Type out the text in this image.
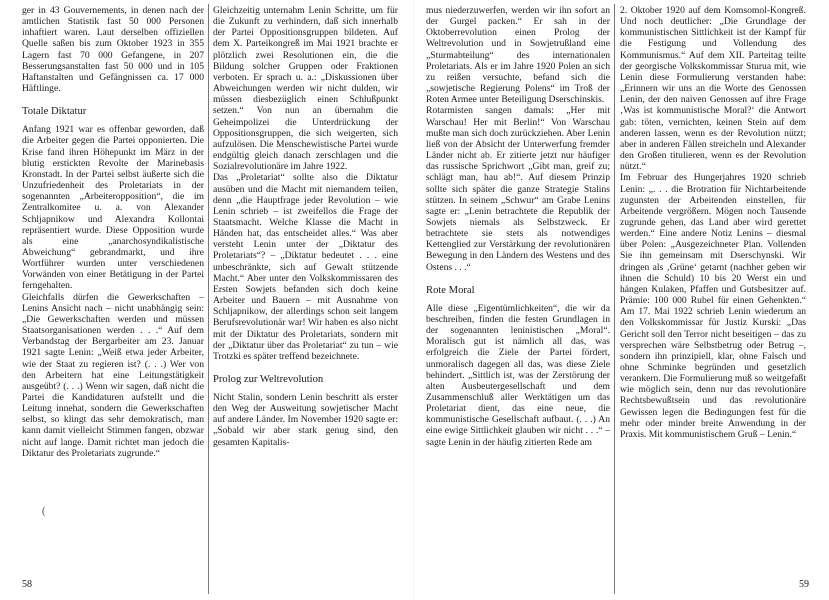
ger in 43 Gouvernements, in denen nach der amtlichen Statistik fast 50 000 Personen inhaftiert waren. Laut derselben offiziellen Quelle saßen bis zum Oktober 1923 in 355 Lagern fast 70 000 Gefangene, in 207 Besserungsanstalten fast 50 000 und in 105 Haftanstalten und Gefängnissen ca. 17 000 Häftlinge.

Totale Diktatur

Anfang 1921 war es offenbar geworden, daß die Arbeiter gegen die Partei opponierten. Die Krise fand ihren Höhepunkt im März in der blutig erstickten Revolte der Marinebasis Kronstadt. In der Partei selbst äußerte sich die Unzufriedenheit des Proletariats in der sogenannten „Arbeiteropposition“, die im Zentralkomitee u. a. von Alexander Schljapnikow und Alexandra Kollontai repräsentiert wurde. Diese Opposition wurde als eine „anarchosyndikalistische Abweichung“ gebrandmarkt, und ihre Wortführer wurden unter verschiedenen Vorwänden von einer Betätigung in der Partei ferngehalten.

Gleichfalls dürfen die Gewerkschaften – Lenins Ansicht nach – nicht unabhängig sein: „Die Gewerkschaften werden und müssen Staatsorganisationen werden . . .“ Auf dem Verbandstag der Bergarbeiter am 23. Januar 1921 sagte Lenin: „Weiß etwa jeder Arbeiter, wie der Staat zu regieren ist? (. . .) Wer von den Arbeitern hat eine Leitungstätigkeit ausgeübt? (. . .) Wenn wir sagen, daß nicht die Partei die Kandidaturen aufstellt und die Leitung innehat, sondern die Gewerkschaften selbst, so klingt das sehr demokratisch, man kann damit vielleicht Stimmen fangen, obzwar nicht auf lange. Damit richtet man jedoch die Diktatur des Proletariats zugrunde.“

Gleichzeitig unternahm Lenin Schritte, um für die Zukunft zu verhindern, daß sich innerhalb der Partei Oppositionsgruppen bildeten. Auf dem X. Parteikongreß im Mai 1921 brachte er plötzlich zwei Resolutionen ein, die die Bildung solcher Gruppen oder Fraktionen verboten. Er sprach u. a.: „Diskussionen über Abweichungen werden wir nicht dulden, wir müssen diesbezüglich einen Schlußpunkt setzen.“ Von nun an übernahm die Geheimpolizei die Unterdrückung der Oppositionsgruppen, die sich weigerten, sich aufzulösen. Die Menschewistische Partei wurde endgültig gleich danach zerschlagen und die Sozialrevolutionäre im Jahre 1922.

Das „Proletariat“ sollte also die Diktatur ausüben und die Macht mit niemandem teilen, denn „die Hauptfrage jeder Revolution – wie Lenin schrieb – ist zweifellos die Frage der Staatsmacht. Welche Klasse die Macht in Händen hat, das entscheidet alles.“ Was aber versteht Lenin unter der „Diktatur des Proletariats“? – „Diktatur bedeutet . . . eine unbeschränkte, sich auf Gewalt stützende Macht.“ Aber unter den Volkskommissaren des Ersten Sowjets befanden sich doch keine Arbeiter und Bauern – mit Ausnahme von Schljapnikow, der allerdings schon seit langem Berufsrevolutionär war! Wir haben es also nicht mit der Diktatur des Proletariats, sondern mit der „Diktatur über das Proletariat“ zu tun – wie Trotzki es später treffend bezeichnete.

Prolog zur Weltrevolution

Nicht Stalin, sondern Lenin beschritt als erster den Weg der Ausweitung sowjetischer Macht auf andere Länder. Im November 1920 sagte er: „Sobald wir aber stark genug sind, den gesamten Kapitalis-

(
58

mus niederzuwerfen, werden wir ihn sofort an der Gurgel packen.“ Er sah in der Oktoberrevolution einen Prolog der Weltrevolution und in Sowjetrußland eine „Sturmabteilung“ des internationalen Proletariats. Als er im Jahre 1920 Polen an sich zu reißen versuchte, befand sich die „sowjetische Regierung Polens“ im Troß der Roten Armee unter Beteiligung Dserschinskis.

Rotarmisten sangen damals: „Her mit Warschau! Her mit Berlin!“ Von Warschau mußte man sich doch zurückziehen. Aber Lenin ließ von der Absicht der Unterwerfung fremder Länder nicht ab. Er zitierte jetzt nur häufiger das russische Sprichwort „Gibt man, greif zu; schlägt man, hau ab!“. Auf diesem Prinzip sollte sich später die ganze Strategie Stalins stützen. In seinem „Schwur“ am Grabe Lenins sagte er: „Lenin betrachtete die Republik der Sowjets niemals als Selbstzweck. Er betrachtete sie stets als notwendiges Kettenglied zur Verstärkung der revolutionären Bewegung in den Ländern des Westens und des Ostens . . .“

Rote Moral

Alle diese „Eigentümlichkeiten“, die wir da beschreiben, finden die festen Grundlagen in der sogenannten leninistischen „Moral“. Moralisch gut ist nämlich all das, was erfolgreich die Ziele der Partei fördert, unmoralisch dagegen all das, was diese Ziele behindert. „Sittlich ist, was der Zerstörung der alten Ausbeutergesellschaft und dem Zusammenschluß aller Werktätigen um das Proletariat dient, das eine neue, die kommunistische Gesellschaft aufbaut. (. . .) An eine ewige Sittlichkeit glauben wir nicht . . .“ – sagte Lenin in der häufig zitierten Rede am

2. Oktober 1920 auf dem Komsomol-Kongreß. Und noch deutlicher: „Die Grundlage der kommunistischen Sittlichkeit ist der Kampf für die Festigung und Vollendung des Kommunismus.“ Auf dem XII. Parteitag teilte der georgische Volkskommissar Sturua mit, wie Lenin diese Formulierung verstanden habe: „Erinnern wir uns an die Worte des Genossen Lenin, der den naiven Genossen auf ihre Frage ‚Was ist kommunistische Moral?‘ die Antwort gab: töten, vernichten, keinen Stein auf dem anderen lassen, wenn es der Revolution nützt; aber in anderen Fällen streicheln und Alexander den Großen titulieren, wenn es der Revolution nützt.“

Im Februar des Hungerjahres 1920 schrieb Lenin: „. . . die Brotration für Nichtarbeitende zugunsten der Arbeitenden einstellen, für Arbeitende vergrößern. Mögen noch Tausende zugrunde gehen, das Land aber wird gerettet werden.“ Eine andere Notiz Lenins – diesmal über Polen: „Ausgezeichneter Plan. Vollenden Sie ihn gemeinsam mit Dserschynski. Wir dringen als ‚Grüne‘ getarnt (nachher geben wir ihnen die Schuld) 10 bis 20 Werst ein und hängen Kulaken, Pfaffen und Gutsbesitzer auf. Prämie: 100 000 Rubel für einen Gehenkten.“ Am 17. Mai 1922 schrieb Lenin wiederum an den Volkskommissar für Justiz Kurski: „Das Gericht soll den Terror nicht beseitigen – das zu versprechen wäre Selbstbetrug oder Betrug –, sondern ihn prinzipiell, klar, ohne Falsch und ohne Schminke begründen und gesetzlich verankern. Die Formulierung muß so weitgefaßt wie möglich sein, denn nur das revolutionäre Rechtsbewußtsein und das revolutionäre Gewissen legen die Bedingungen fest für die mehr oder minder breite Anwendung in der Praxis. Mit kommunistischem Gruß – Lenin.“

59
